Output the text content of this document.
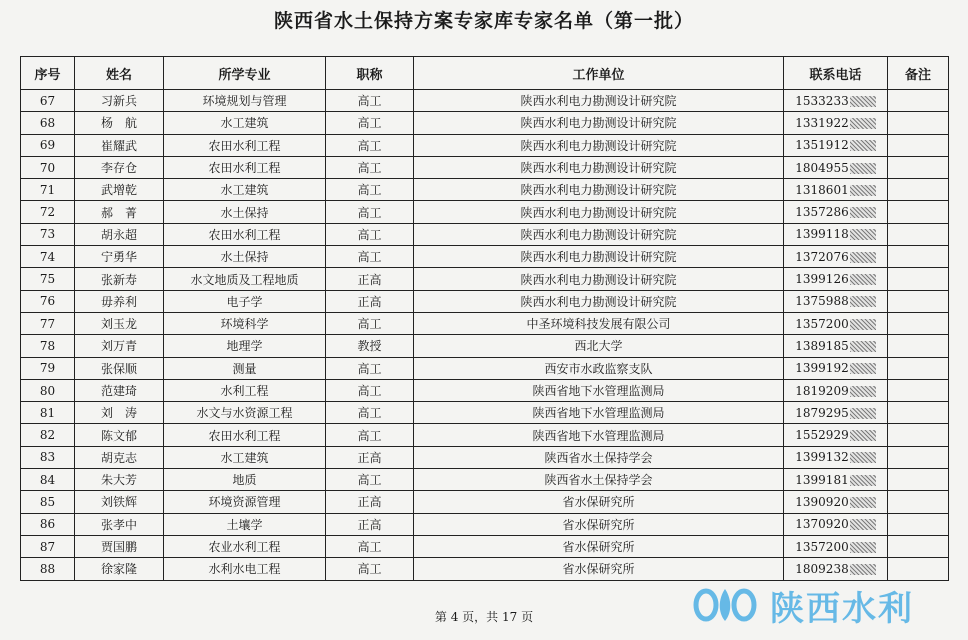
陕西省水土保持方案专家库专家名单（第一批）
序号	姓名	所学专业	职称	工作单位	联系电话	备注
67	习新兵	环境规划与管理	高工	陕西水利电力勘测设计研究院	1533233	
68	杨　航	水工建筑	高工	陕西水利电力勘测设计研究院	1331922	
69	崔耀武	农田水利工程	高工	陕西水利电力勘测设计研究院	1351912	
70	李存仓	农田水利工程	高工	陕西水利电力勘测设计研究院	1804955	
71	武增乾	水工建筑	高工	陕西水利电力勘测设计研究院	1318601	
72	郝　菁	水土保持	高工	陕西水利电力勘测设计研究院	1357286	
73	胡永超	农田水利工程	高工	陕西水利电力勘测设计研究院	1399118	
74	宁勇华	水土保持	高工	陕西水利电力勘测设计研究院	1372076	
75	张新寿	水文地质及工程地质	正高	陕西水利电力勘测设计研究院	1399126	
76	毋养利	电子学	正高	陕西水利电力勘测设计研究院	1375988	
77	刘玉龙	环境科学	高工	中圣环境科技发展有限公司	1357200	
78	刘万青	地理学	教授	西北大学	1389185	
79	张保顺	测量	高工	西安市水政监察支队	1399192	
80	范建琦	水利工程	高工	陕西省地下水管理监测局	1819209	
81	刘　涛	水文与水资源工程	高工	陕西省地下水管理监测局	1879295	
82	陈文郁	农田水利工程	高工	陕西省地下水管理监测局	1552929	
83	胡克志	水工建筑	正高	陕西省水土保持学会	1399132	
84	朱大芳	地质	高工	陕西省水土保持学会	1399181	
85	刘铁辉	环境资源管理	正高	省水保研究所	1390920	
86	张孝中	土壤学	正高	省水保研究所	1370920	
87	贾国鹏	农业水利工程	高工	省水保研究所	1357200	
88	徐家隆	水利水电工程	高工	省水保研究所	1809238	
第 4 页，共 17 页	陕西水利
